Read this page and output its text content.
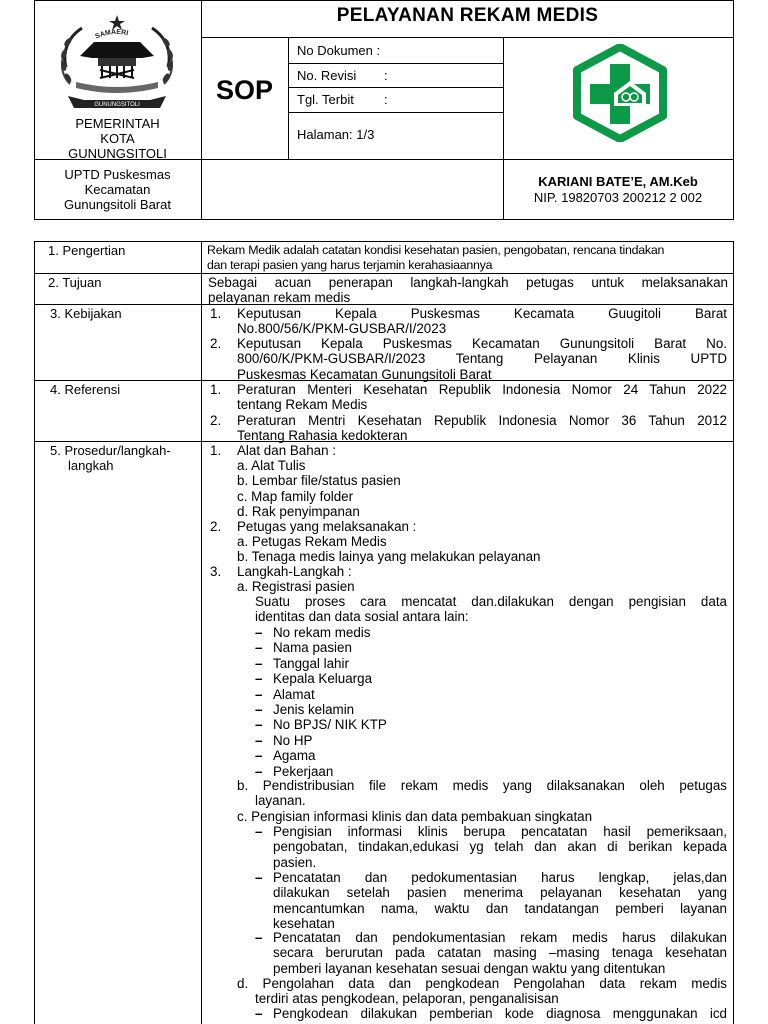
SAMAERI
GUNUNGSITOLI
PEMERINTAH
KOTA
GUNUNGSITOLI
PELAYANAN REKAM MEDIS
SOP
No Dokumen :
No. Revisi :
Tgl. Terbit :
Halaman: 1/3
UPTD Puskesmas
Kecamatan
Gunungsitoli Barat
KARIANI BATE’E, AM.Keb
NIP. 19820703 200212 2 002
1. Pengertian	Rekam Medik adalah catatan kondisi kesehatan pasien, pengobatan, rencana tindakan
dan terapi pasien yang harus terjamin kerahasiaannya
2. Tujuan	Sebagai acuan penerapan langkah-langkah petugas untuk melaksanakan
pelayanan rekam medis
3. Kebijakan	1. Keputusan Kepala Puskesmas Kecamata Guugitoli Barat
No.800/56/K/PKM-GUSBAR/I/2023
2. Keputusan Kepala Puskesmas Kecamatan Gunungsitoli Barat No.
800/60/K/PKM-GUSBAR/I/2023 Tentang Pelayanan Klinis UPTD
Puskesmas Kecamatan Gunungsitoli Barat
4. Referensi	1. Peraturan Menteri Kesehatan Republik Indonesia Nomor 24 Tahun 2022
tentang Rekam Medis
2. Peraturan Mentri Kesehatan Republik Indonesia Nomor 36 Tahun 2012
Tentang Rahasia kedokteran
5. Prosedur/langkah-
langkah
1. Alat dan Bahan :
a. Alat Tulis
b. Lembar file/status pasien
c. Map family folder
d. Rak penyimpanan
2. Petugas yang melaksanakan :
a. Petugas Rekam Medis
b. Tenaga medis lainya yang melakukan pelayanan
3. Langkah-Langkah :
a. Registrasi pasien
Suatu proses cara mencatat dan.dilakukan dengan pengisian data
identitas dan data sosial antara lain:
– No rekam medis
– Nama pasien
– Tanggal lahir
– Kepala Keluarga
– Alamat
– Jenis kelamin
– No BPJS/ NIK KTP
– No HP
– Agama
– Pekerjaan
b. Pendistribusian file rekam medis yang dilaksanakan oleh petugas
layanan.
c. Pengisian informasi klinis dan data pembakuan singkatan
– Pengisian informasi klinis berupa pencatatan hasil pemeriksaan,
pengobatan, tindakan,edukasi yg telah dan akan di berikan kepada
pasien.
– Pencatatan dan pedokumentasian harus lengkap, jelas,dan
dilakukan setelah pasien menerima pelayanan kesehatan yang
mencantumkan nama, waktu dan tandatangan pemberi layanan
kesehatan
– Pencatatan dan pendokumentasian rekam medis harus dilakukan
secara berurutan pada catatan masing –masing tenaga kesehatan
pemberi layanan kesehatan sesuai dengan waktu yang ditentukan
d. Pengolahan data dan pengkodean Pengolahan data rekam medis
terdiri atas pengkodean, pelaporan, penganalisisan
– Pengkodean dilakukan pemberian kode diagnosa menggunakan icd
